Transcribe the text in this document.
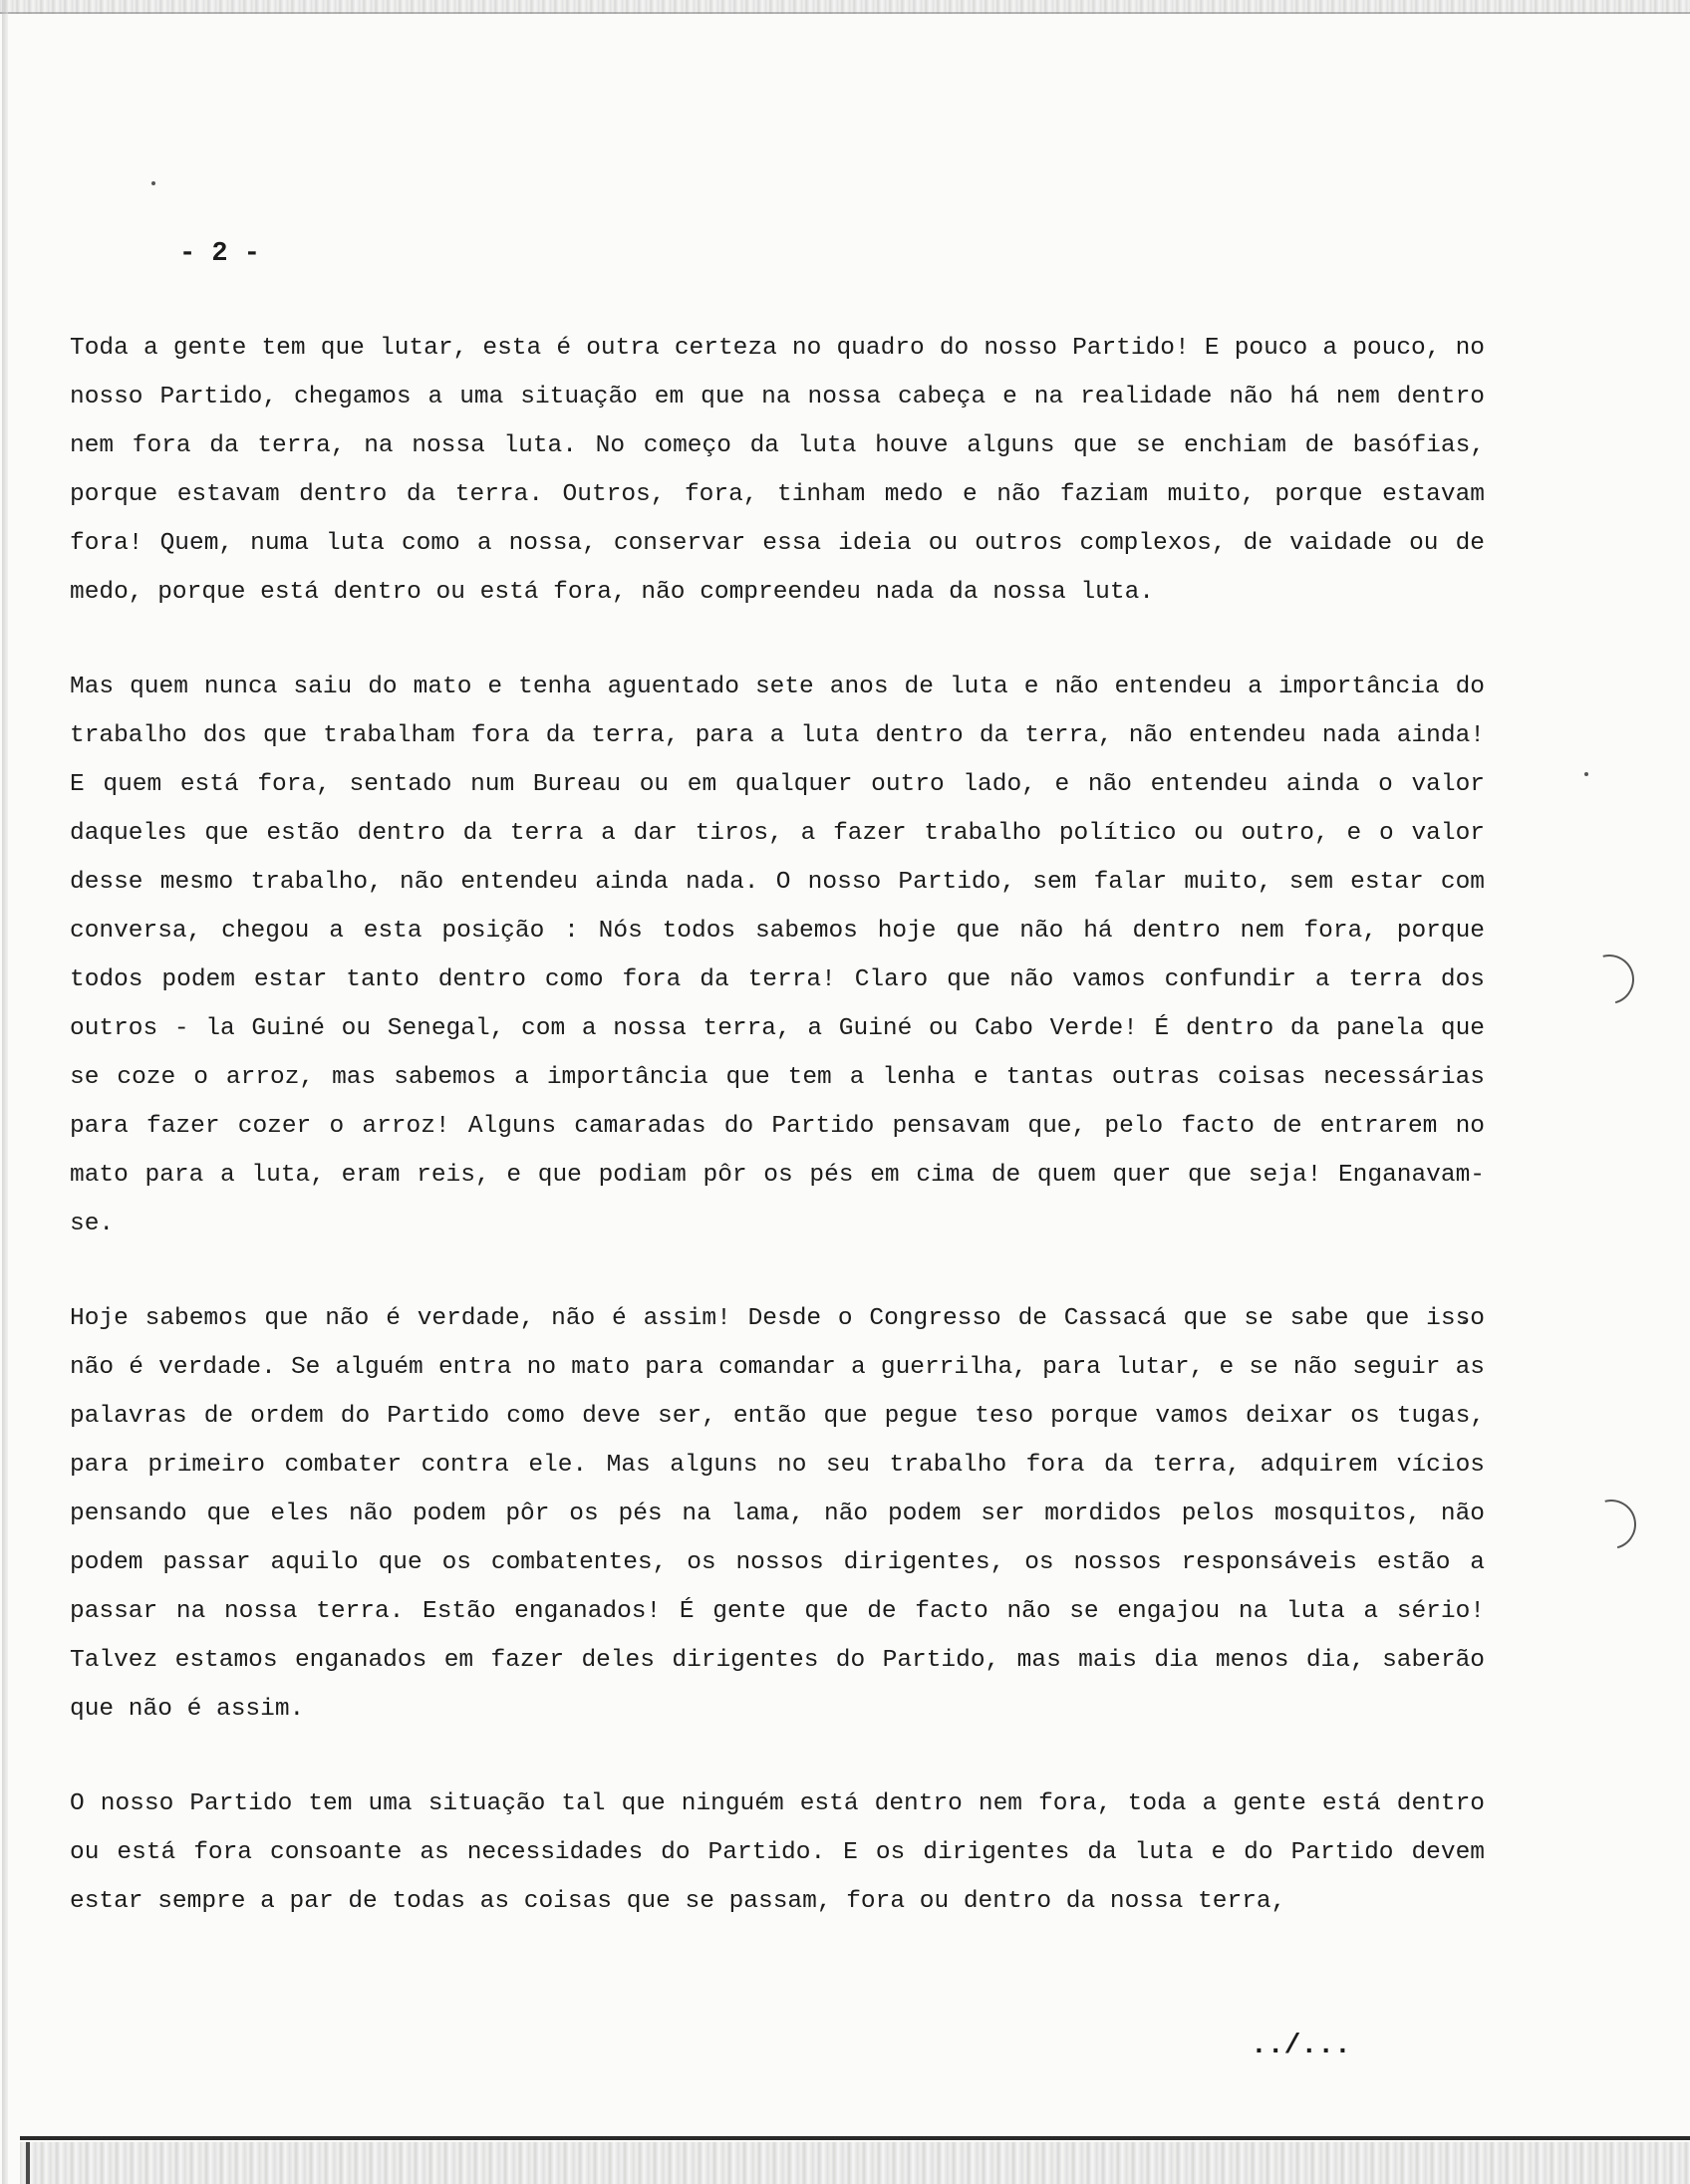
- 2 -

Toda a gente tem que lutar, esta é outra certeza no quadro do nosso Partido! E pouco a pouco, no nosso Partido, chegamos a uma situação em que na nossa cabeça e na realidade não há nem dentro nem fora da terra, na nossa luta. No começo da luta houve alguns que se enchiam de basófias, porque estavam dentro da terra. Outros, fora, tinham medo e não faziam muito, porque estavam fora! Quem, numa luta como a nossa, conservar essa ideia ou outros complexos, de vaidade ou de medo, porque está dentro ou está fora, não compreendeu nada da nossa luta.

Mas quem nunca saiu do mato e tenha aguentado sete anos de luta e não entendeu a importância do trabalho dos que trabalham fora da terra, para a luta dentro da terra, não entendeu nada ainda! E quem está fora, sentado num Bureau ou em qualquer outro lado, e não entendeu ainda o valor daqueles que estão dentro da terra a dar tiros, a fazer trabalho político ou outro, e o valor desse mesmo trabalho, não entendeu ainda nada. O nosso Partido, sem falar muito, sem estar com conversa, chegou a esta posição : Nós todos sabemos hoje que não há dentro nem fora, porque todos podem estar tanto dentro como fora da terra! Claro que não vamos confundir a terra dos outros - la Guiné ou Senegal, com a nossa terra, a Guiné ou Cabo Verde! É dentro da panela que se coze o arroz, mas sabemos a importância que tem a lenha e tantas outras coisas necessárias para fazer cozer o arroz! Alguns camaradas do Partido pensavam que, pelo facto de entrarem no mato para a luta, eram reis, e que podiam pôr os pés em cima de quem quer que seja! Enganavam-se.

Hoje sabemos que não é verdade, não é assim! Desde o Congresso de Cassacá que se sabe que isso não é verdade. Se alguém entra no mato para comandar a guerrilha, para lutar, e se não seguir as palavras de ordem do Partido como deve ser, então que pegue teso porque vamos deixar os tugas, para primeiro combater contra ele. Mas alguns no seu trabalho fora da terra, adquirem vícios pensando que eles não podem pôr os pés na lama, não podem ser mordidos pelos mosquitos, não podem passar aquilo que os combatentes, os nossos dirigentes, os nossos responsáveis estão a passar na nossa terra. Estão enganados! É gente que de facto não se engajou na luta a sério! Talvez estamos enganados em fazer deles dirigentes do Partido, mas mais dia menos dia, saberão que não é assim.

O nosso Partido tem uma situação tal que ninguém está dentro nem fora, toda a gente está dentro ou está fora consoante as necessidades do Partido. E os dirigentes da luta e do Partido devem estar sempre a par de todas as coisas que se passam, fora ou dentro da nossa terra,

../...
